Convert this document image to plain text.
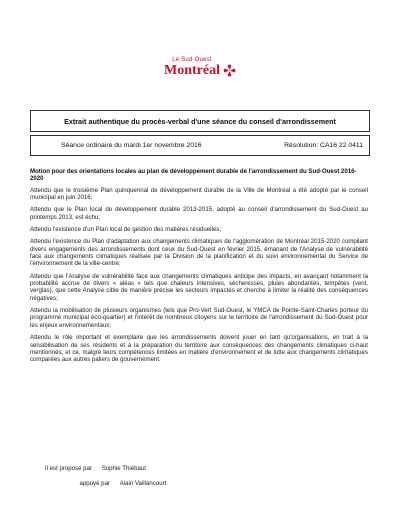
Le Sud-Ouest
Montréal
Extrait authentique du procès-verbal d'une séance du conseil d'arrondissement
Séance ordinaire du mardi 1er novembre 2016	Résolution: CA16 22 0411
Motion pour des orientations locales au plan de développement durable de l'arrondissement du Sud-Ouest 2016-2020
Attendu que le troisième Plan quinquennal de développement durable de la Ville de Montréal a été adopté par le conseil municipal en juin 2016;
Attendu que le Plan local de développement durable 2013-2015, adopté au conseil d'arrondissement du Sud-Ouest au printemps 2013, est échu;
Attendu l'existence d'un Plan local de gestion des matières résiduelles;
Attendu l'existence du Plan d'adaptation aux changements climatiques de l'agglomération de Montréal 2015-2020 compilant divers engagements des arrondissements dont ceux du Sud-Ouest en février 2015, émanant de l'Analyse de vulnérabilité face aux changements climatiques réalisée par la Division de la planification et du suivi environnemental du Service de l'environnement de la ville-centre;
Attendu que l'Analyse de vulnérabilité face aux changements climatiques anticipe des impacts, en avançant notamment la probabilité accrue de divers « aléas » tels que chaleurs intensives, sécheresses, pluies abondantes, tempêtes (vent, verglas), que cette Analyse cible de manière précise les secteurs impactés et cherche à limiter la réalité des conséquences négatives;
Attendu la mobilisation de plusieurs organismes (tels que Pro-Vert Sud-Ouest, le YMCA de Pointe-Saint-Charles porteur du programme municipal éco-quartier) et l'intérêt de nombreux citoyens sur le territoire de l'arrondissement du Sud-Ouest pour les enjeux environnementaux;
Attendu le rôle important et exemplaire que les arrondissements doivent jouer en tant qu'organisations, en trait à la sensibilisation de ses résidents et à la préparation du territoire aux conséquences des changements climatiques ci-haut mentionnés, et ce, malgré leurs compétences limitées en matière d'environnement et de lutte aux changements climatiques comparées aux autres paliers de gouvernement.
Il est proposé par Sophie Thiébaut
appuyé par Alain Vaillancourt
